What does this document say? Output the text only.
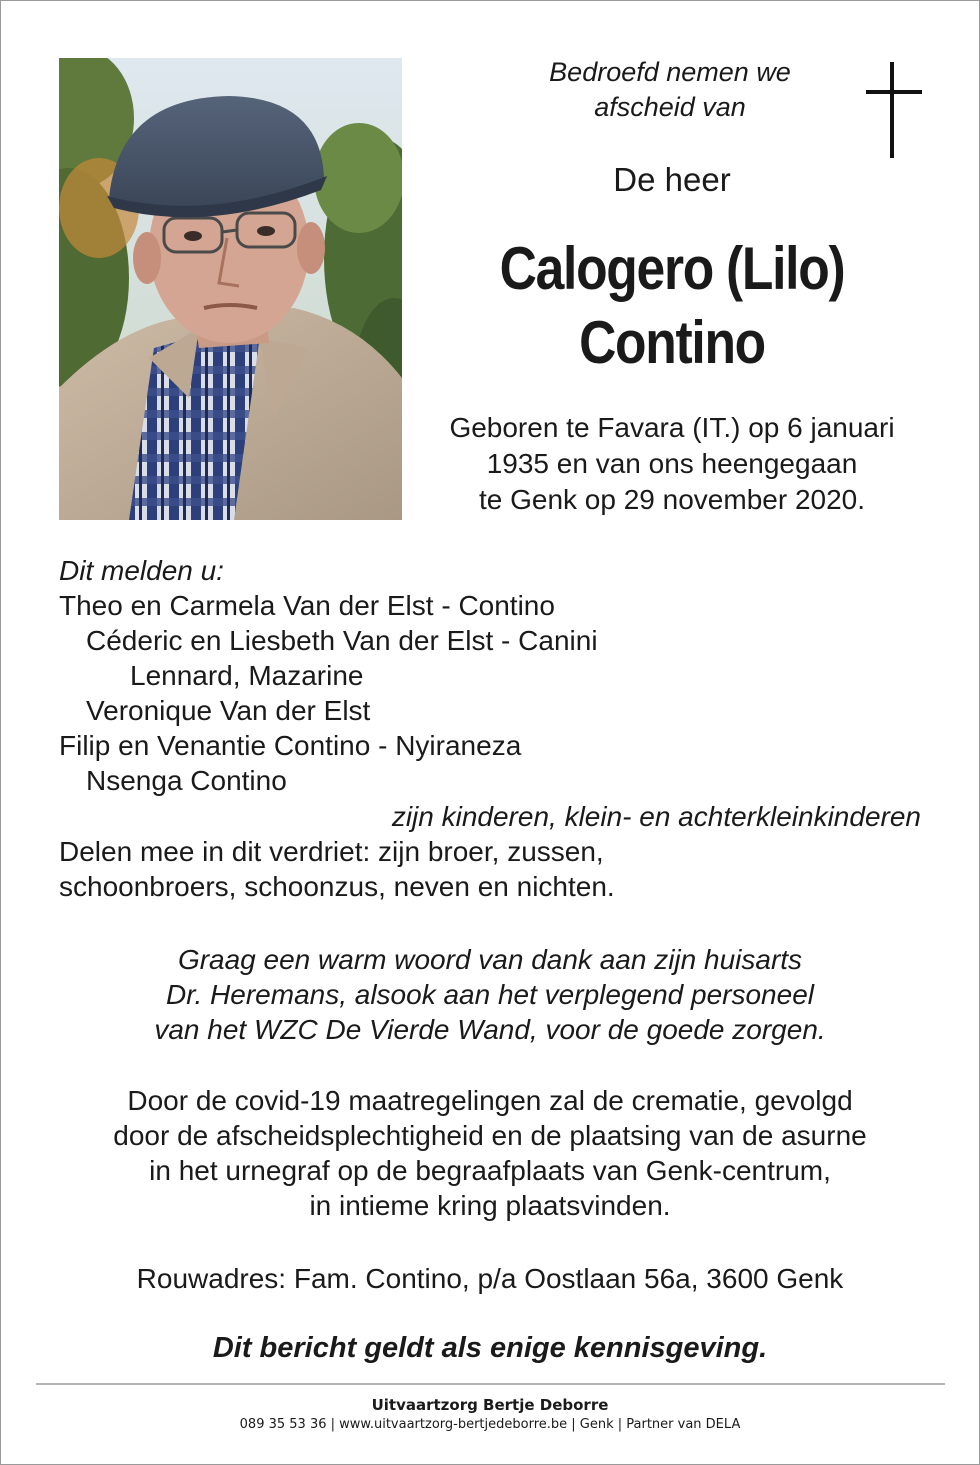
Bedroefd nemen we
afscheid van
De heer
Calogero (Lilo)
Contino
Geboren te Favara (IT.) op 6 januari
1935 en van ons heengegaan
te Genk op 29 november 2020.
Dit melden u:
Theo en Carmela Van der Elst - Contino
Céderic en Liesbeth Van der Elst - Canini
Lennard, Mazarine
Veronique Van der Elst
Filip en Venantie Contino - Nyiraneza
Nsenga Contino
zijn kinderen, klein- en achterkleinkinderen
Delen mee in dit verdriet: zijn broer, zussen,
schoonbroers, schoonzus, neven en nichten.
Graag een warm woord van dank aan zijn huisarts
Dr. Heremans, alsook aan het verplegend personeel
van het WZC De Vierde Wand, voor de goede zorgen.
Door de covid-19 maatregelingen zal de crematie, gevolgd
door de afscheidsplechtigheid en de plaatsing van de asurne
in het urnegraf op de begraafplaats van Genk-centrum,
in intieme kring plaatsvinden.
Rouwadres: Fam. Contino, p/a Oostlaan 56a, 3600 Genk
Dit bericht geldt als enige kennisgeving.
Uitvaartzorg Bertje Deborre
089 35 53 36 | www.uitvaartzorg-bertjedeborre.be | Genk | Partner van DELA
